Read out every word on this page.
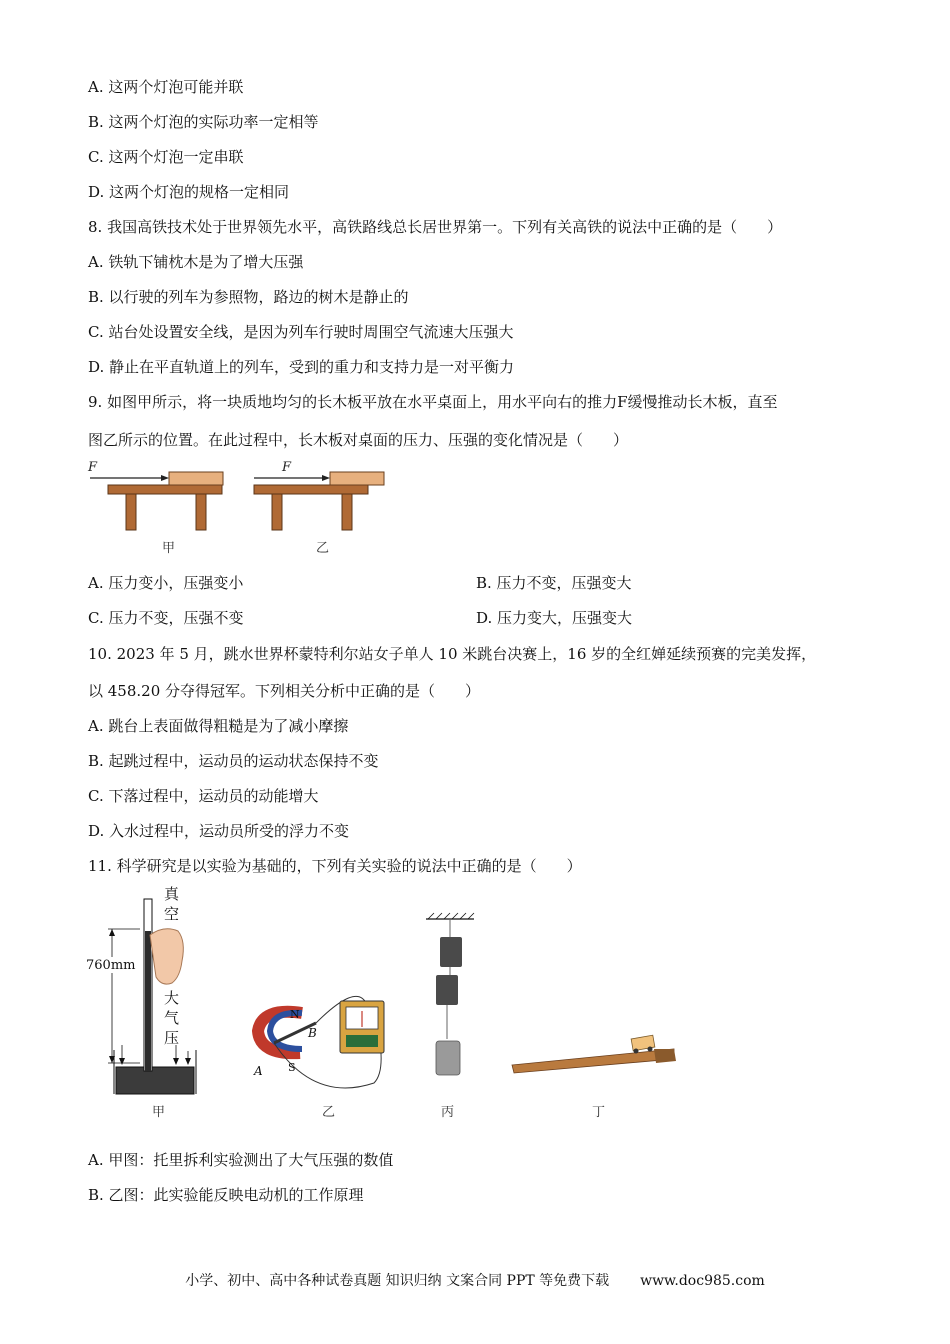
A. 这两个灯泡可能并联
B. 这两个灯泡的实际功率一定相等
C. 这两个灯泡一定串联
D. 这两个灯泡的规格一定相同
8. 我国高铁技术处于世界领先水平，高铁路线总长居世界第一。下列有关高铁的说法中正确的是（　　）
A. 铁轨下铺枕木是为了增大压强
B. 以行驶的列车为参照物，路边的树木是静止的
C. 站台处设置安全线，是因为列车行驶时周围空气流速大压强大
D. 静止在平直轨道上的列车，受到的重力和支持力是一对平衡力
9. 如图甲所示，将一块质地均匀的长木板平放在水平桌面上，用水平向右的推力F缓慢推动长木板，直至
图乙所示的位置。在此过程中，长木板对桌面的压力、压强的变化情况是（　　）
F	F
甲	乙
A. 压力变小，压强变小	B. 压力不变，压强变大
C. 压力不变，压强不变	D. 压力变大，压强变大
10. 2023 年 5 月，跳水世界杯蒙特利尔站女子单人 10 米跳台决赛上，16 岁的全红婵延续预赛的完美发挥，
以 458.20 分夺得冠军。下列相关分析中正确的是（　　）
A. 跳台上表面做得粗糙是为了减小摩擦
B. 起跳过程中，运动员的运动状态保持不变
C. 下落过程中，运动员的动能增大
D. 入水过程中，运动员所受的浮力不变
11. 科学研究是以实验为基础的，下列有关实验的说法中正确的是（　　）
760mm
真
空
大
气
压
N
S
A
B
甲	乙	丙	丁
A. 甲图：托里拆利实验测出了大气压强的数值
B. 乙图：此实验能反映电动机的工作原理
小学、初中、高中各种试卷真题 知识归纳 文案合同 PPT 等免费下载 www.doc985.com
